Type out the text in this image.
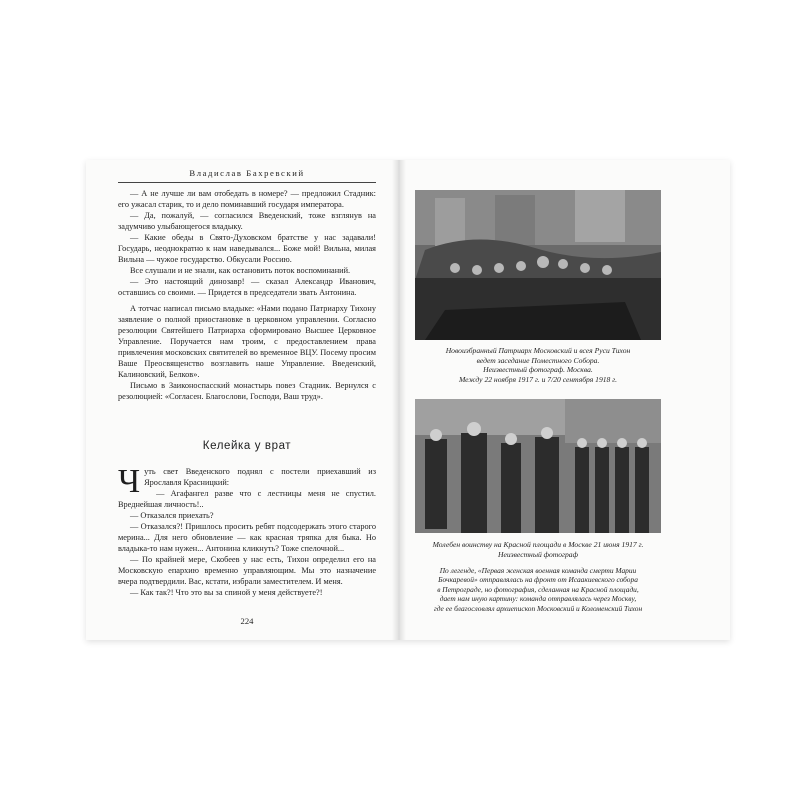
Владислав Бахревский

— А не лучше ли вам отобедать в номере? — предложил Стадник: его ужасал старик, то и дело поминавший государя императора.

— Да, пожалуй, — согласился Введенский, тоже взглянув на задумчиво улыбающегося владыку.

— Какие обеды в Свято-Духовском братстве у нас задавали! Государь, неоднократно к нам наведывался... Боже мой! Вильна, милая Вильна — чужое государство. Обкусали Россию.

Все слушали и не знали, как остановить поток воспоминаний.

— Это настоящий динозавр! — сказал Александр Иванович, оставшись со своими. — Придется в председатели звать Антонина.

А тотчас написал письмо владыке: «Нами подано Патриарху Тихону заявление о полной приостановке в церковном управлении. Согласно резолюции Святейшего Патриарха сформировано Высшее Церковное Управление. Поручается нам троим, с предоставлением права привлечения московских святителей во временное ВЦУ. Посему просим Ваше Преосвященство возглавить наше Управление. Введенский, Калиновский, Белков».

Письмо в Заиконоспасский монастырь повез Стадник. Вернулся с резолюцией: «Согласен. Благослови, Господи, Ваш труд».

Келейка у врат

Чуть свет Введенского поднял с постели приехавший из Ярославля Красницкий:

— Агафангел разве что с лестницы меня не спустил. Вреднейшая личность!..

— Отказался приехать?

— Отказался?! Пришлось просить ребят подсодержать этого старого мерина... Для него обновление — как красная тряпка для быка. Но владыка-то нам нужен... Антонина кликнуть? Тоже спелочной...

— По крайней мере, Скобеев у нас есть, Тихон определил его на Московскую епархию временно управляющим. Мы это назначение вчера подтвердили. Вас, кстати, избрали заместителем. И меня.

— Как так?! Что это вы за спиной у меня действуете?!

224
Новоизбранный Патриарх Московский и всея Руси Тихон
ведет заседание Поместного Собора.
Неизвестный фотограф. Москва.
Между 22 ноября 1917 г. и 7/20 сентября 1918 г.
Молебен воинству на Красной площади в Москве 21 июня 1917 г.
Неизвестный фотограф
По легенде, «Первая женская военная команда смерти Марии
Бочкаревой» отправлялась на фронт от Исаакиевского собора
в Петрограде, но фотография, сделанная на Красной площади,
дает нам иную картину: команда отправлялась через Москву,
где ее благословлял архиепископ Московский и Коломенский Тихон
